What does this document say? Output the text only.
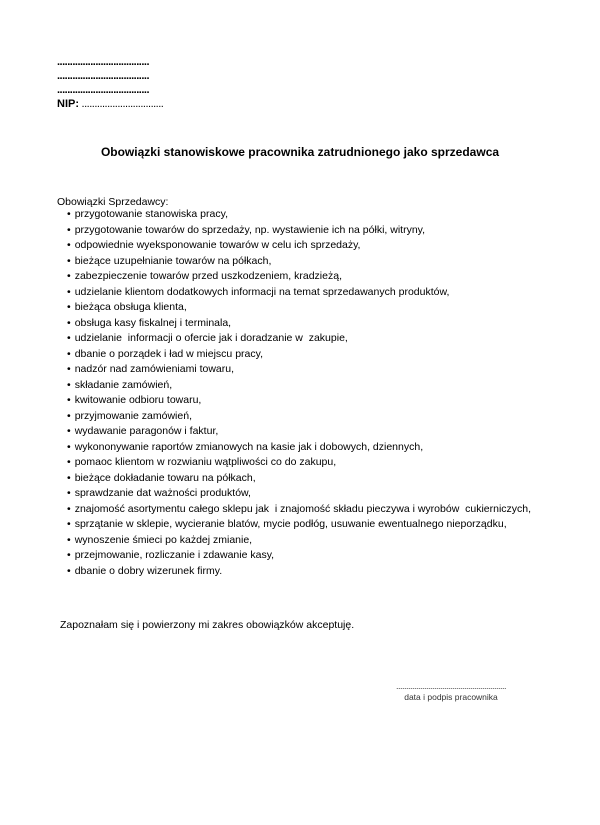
....................................
....................................
....................................
NIP: ................................
Obowiązki stanowiskowe pracownika zatrudnionego jako sprzedawca
Obowiązki Sprzedawcy:
• przygotowanie stanowiska pracy,
• przygotowanie towarów do sprzedaży, np. wystawienie ich na półki, witryny,
• odpowiednie wyeksponowanie towarów w celu ich sprzedaży,
• bieżące uzupełnianie towarów na półkach,
• zabezpieczenie towarów przed uszkodzeniem, kradzieżą,
• udzielanie klientom dodatkowych informacji na temat sprzedawanych produktów,
• bieżąca obsługa klienta,
• obsługa kasy fiskalnej i terminala,
• udzielanie  informacji o ofercie jak i doradzanie w  zakupie,
• dbanie o porządek i ład w miejscu pracy,
• nadzór nad zamówieniami towaru,
• składanie zamówień,
• kwitowanie odbioru towaru,
• przyjmowanie zamówień,
• wydawanie paragonów i faktur,
• wykononywanie raportów zmianowych na kasie jak i dobowych, dziennych,
• pomaoc klientom w rozwianiu wątpliwości co do zakupu,
• bieżące dokładanie towaru na półkach,
• sprawdzanie dat ważności produktów,
• znajomość asortymentu całego sklepu jak  i znajomość składu pieczywa i wyrobów  cukierniczych,
• sprzątanie w sklepie, wycieranie blatów, mycie podłóg, usuwanie ewentualnego nieporządku,
• wynoszenie śmieci po każdej zmianie,
• przejmowanie, rozliczanie i zdawanie kasy,
• dbanie o dobry wizerunek firmy.

Zapoznałam się i powierzony mi zakres obowiązków akceptuję.

.......................................................
data i podpis pracownika
